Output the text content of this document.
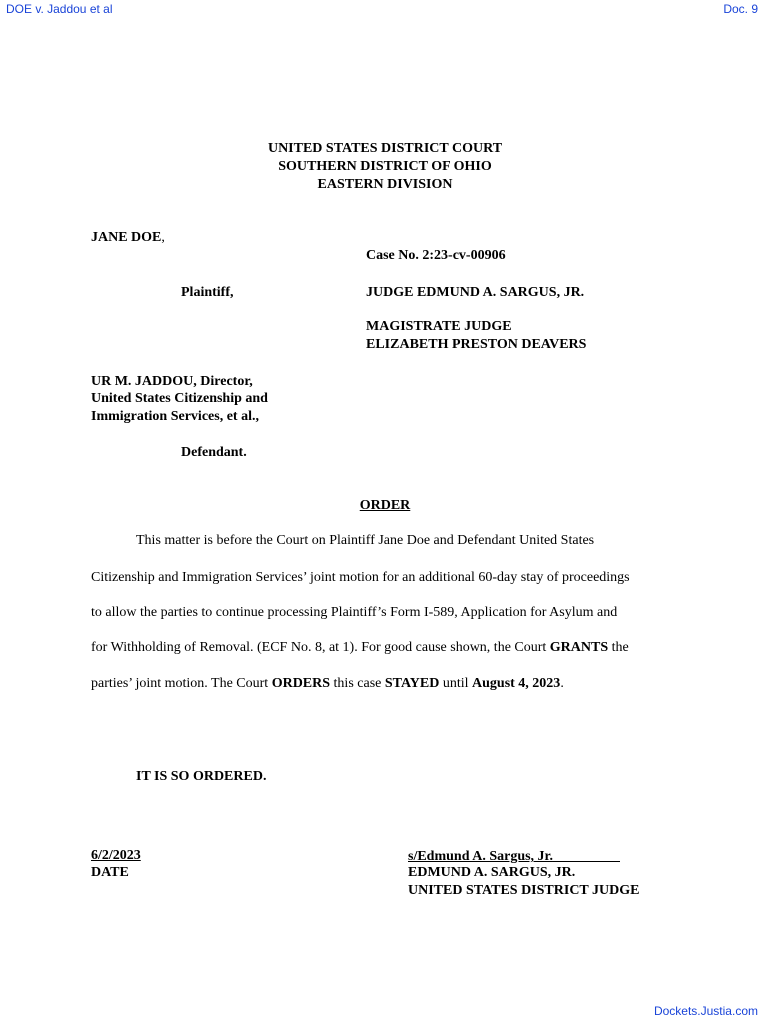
DOE v. Jaddou et al	Doc. 9
UNITED STATES DISTRICT COURT
SOUTHERN DISTRICT OF OHIO
EASTERN DIVISION
JANE DOE,
Case No. 2:23-cv-00906
Plaintiff,	JUDGE EDMUND A. SARGUS, JR.
MAGISTRATE JUDGE
ELIZABETH PRESTON DEAVERS
UR M. JADDOU, Director,
United States Citizenship and
Immigration Services, et al.,
Defendant.
ORDER
This matter is before the Court on Plaintiff Jane Doe and Defendant United States
Citizenship and Immigration Services’ joint motion for an additional 60-day stay of proceedings
to allow the parties to continue processing Plaintiff’s Form I-589, Application for Asylum and
for Withholding of Removal. (ECF No. 8, at 1). For good cause shown, the Court GRANTS the
parties’ joint motion. The Court ORDERS this case STAYED until August 4, 2023.
IT IS SO ORDERED.
6/2/2023
DATE
s/Edmund A. Sargus, Jr.
EDMUND A. SARGUS, JR.
UNITED STATES DISTRICT JUDGE
Dockets.Justia.com
